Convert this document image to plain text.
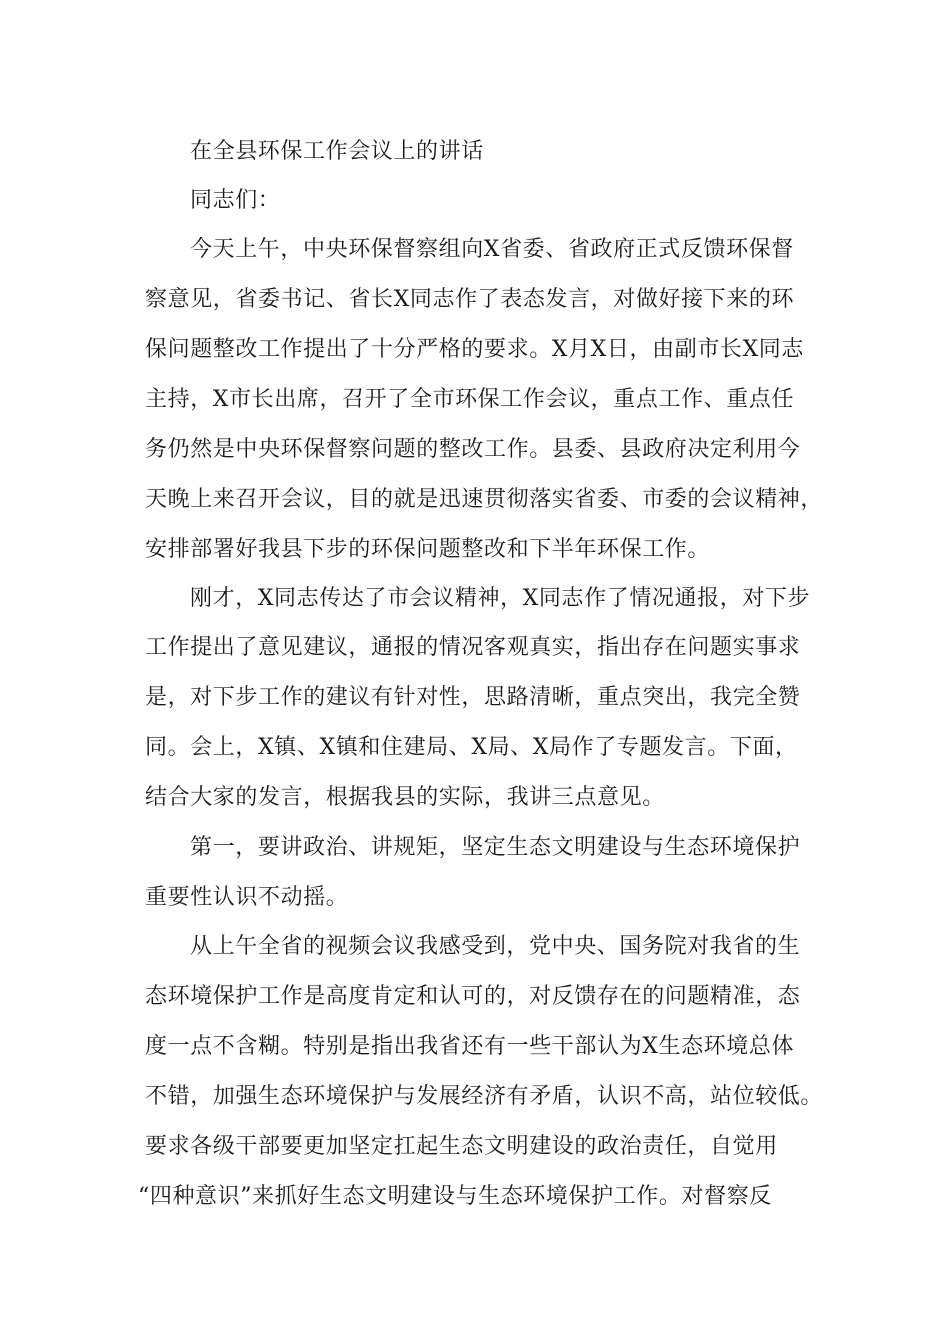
在全县环保工作会议上的讲话
同志们：
今天上午，中央环保督察组向X省委、省政府正式反馈环保督
察意见，省委书记、省长X同志作了表态发言，对做好接下来的环
保问题整改工作提出了十分严格的要求。X月X日，由副市长X同志
主持，X市长出席，召开了全市环保工作会议，重点工作、重点任
务仍然是中央环保督察问题的整改工作。县委、县政府决定利用今
天晚上来召开会议，目的就是迅速贯彻落实省委、市委的会议精神，
安排部署好我县下步的环保问题整改和下半年环保工作。
刚才，X同志传达了市会议精神，X同志作了情况通报，对下步
工作提出了意见建议，通报的情况客观真实，指出存在问题实事求
是，对下步工作的建议有针对性，思路清晰，重点突出，我完全赞
同。会上，X镇、X镇和住建局、X局、X局作了专题发言。下面，
结合大家的发言，根据我县的实际，我讲三点意见。
第一，要讲政治、讲规矩，坚定生态文明建设与生态环境保护
重要性认识不动摇。
从上午全省的视频会议我感受到，党中央、国务院对我省的生
态环境保护工作是高度肯定和认可的，对反馈存在的问题精准，态
度一点不含糊。特别是指出我省还有一些干部认为X生态环境总体
不错，加强生态环境保护与发展经济有矛盾，认识不高，站位较低。
要求各级干部要更加坚定扛起生态文明建设的政治责任，自觉用
“四种意识”来抓好生态文明建设与生态环境保护工作。对督察反
